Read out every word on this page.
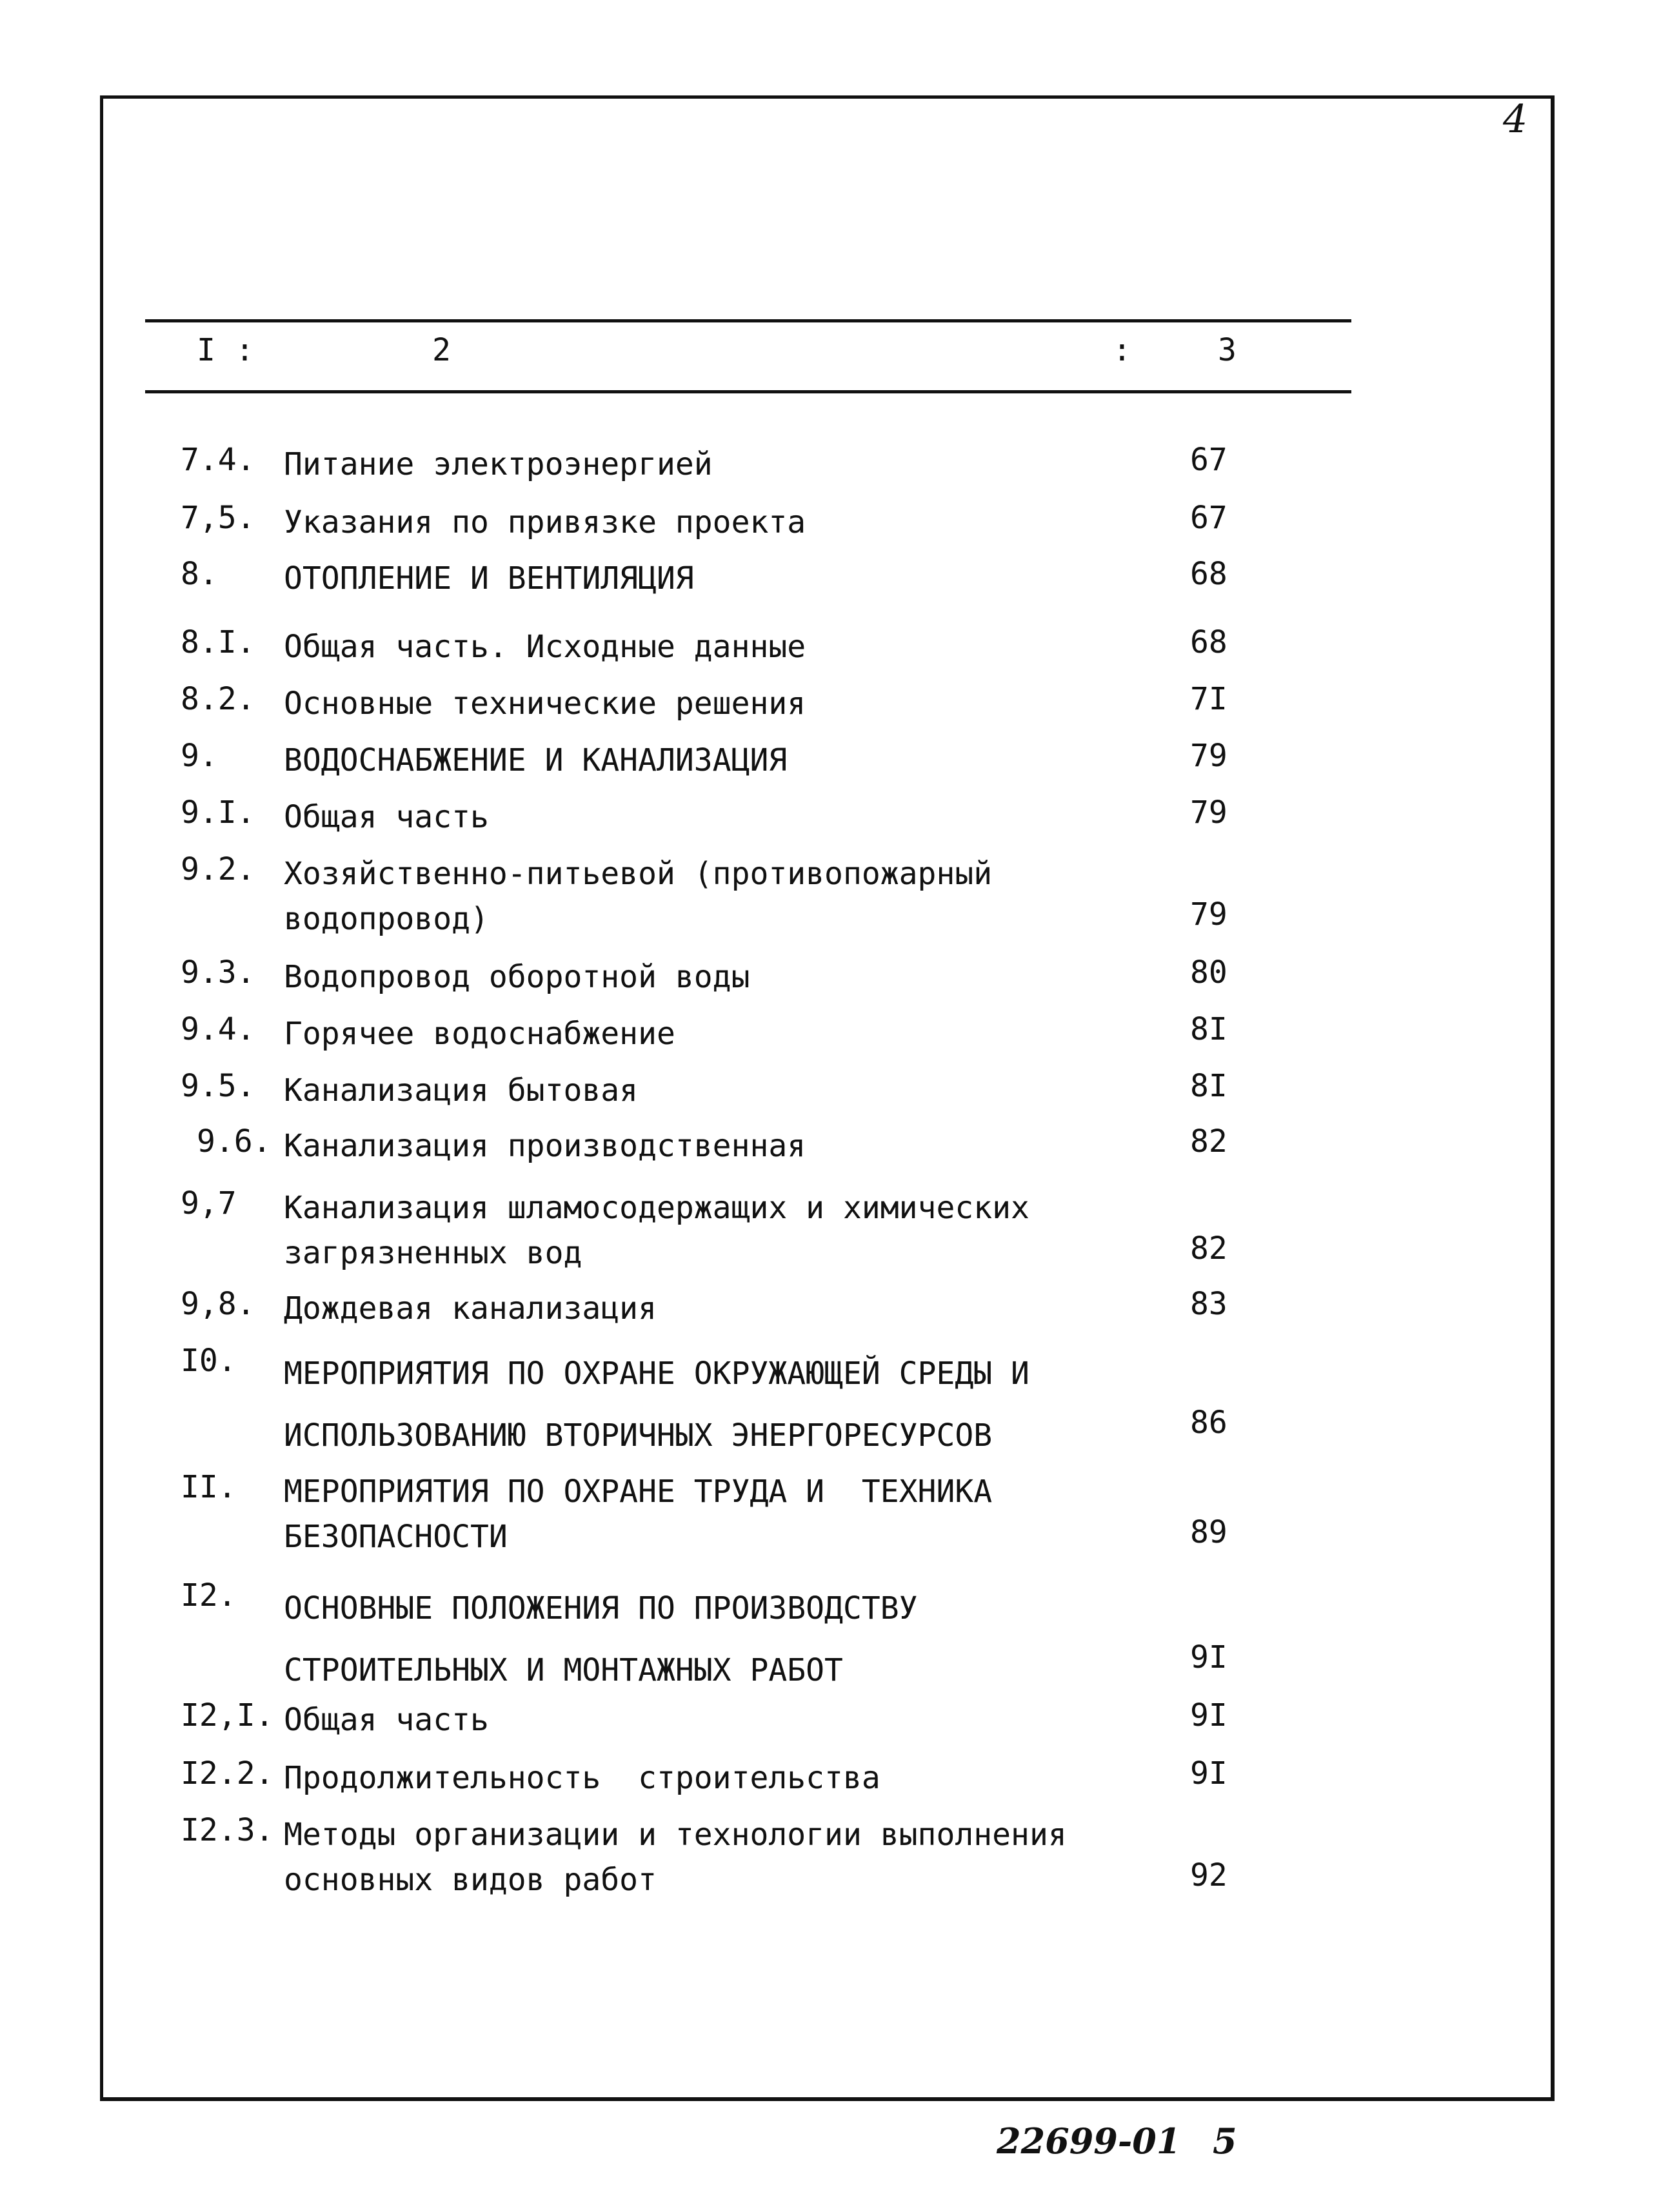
4
I :	2	:	3
7.4. Питание электроэнергией	67
7,5. Указания по привязке проекта	67
8.	ОТОПЛЕНИЕ И ВЕНТИЛЯЦИЯ	68
8.I. Общая часть. Исходные данные	68
8.2. Основные технические решения	7I
9.	ВОДОСНАБЖЕНИЕ И КАНАЛИЗАЦИЯ	79
9.I. Общая часть	79
9.2. Хозяйственно-питьевой (противопожарный
водопровод)	79
9.3. Водопровод оборотной воды	80
9.4. Горячее водоснабжение	8I
9.5. Канализация бытовая	8I
9.6. Канализация производственная	82
9,7	Канализация шламосодержащих и химических
загрязненных вод	82
9,8. Дождевая канализация	83
I0.	МЕРОПРИЯТИЯ ПО ОХРАНЕ ОКРУЖАЮЩЕЙ СРЕДЫ И
ИСПОЛЬЗОВАНИЮ ВТОРИЧНЫХ ЭНЕРГОРЕСУРСОВ	86
II.	МЕРОПРИЯТИЯ ПО ОХРАНЕ ТРУДА И  ТЕХНИКА
БЕЗОПАСНОСТИ	89
I2.	ОСНОВНЫЕ ПОЛОЖЕНИЯ ПО ПРОИЗВОДСТВУ
СТРОИТЕЛЬНЫХ И МОНТАЖНЫХ РАБОТ	9I
I2,I. Общая часть	9I
I2.2. Продолжительность  строительства	9I
I2.3. Методы организации и технологии выполнения
основных видов работ	92
22699-01 5
